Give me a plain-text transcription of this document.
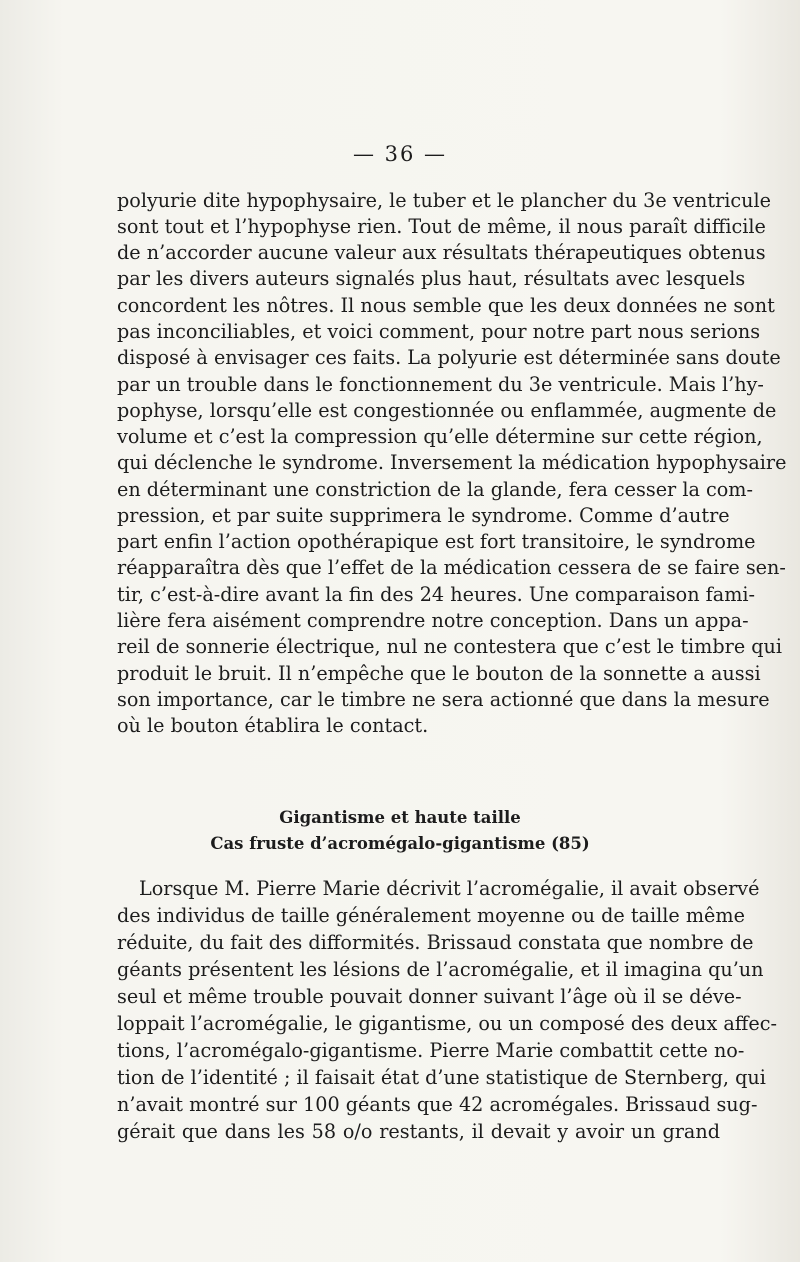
— 36 —
polyurie dite hypophysaire, le tuber et le plancher du 3e ventricule
sont tout et l’hypophyse rien. Tout de même, il nous paraît difficile
de n’accorder aucune valeur aux résultats thérapeutiques obtenus
par les divers auteurs signalés plus haut, résultats avec lesquels
concordent les nôtres. Il nous semble que les deux données ne sont
pas inconciliables, et voici comment, pour notre part nous serions
disposé à envisager ces faits. La polyurie est déterminée sans doute
par un trouble dans le fonctionnement du 3e ventricule. Mais l’hy-
pophyse, lorsqu’elle est congestionnée ou enflammée, augmente de
volume et c’est la compression qu’elle détermine sur cette région,
qui déclenche le syndrome. Inversement la médication hypophysaire
en déterminant une constriction de la glande, fera cesser la com-
pression, et par suite supprimera le syndrome. Comme d’autre
part enfin l’action opothérapique est fort transitoire, le syndrome
réapparaîtra dès que l’effet de la médication cessera de se faire sen-
tir, c’est-à-dire avant la fin des 24 heures. Une comparaison fami-
lière fera aisément comprendre notre conception. Dans un appa-
reil de sonnerie électrique, nul ne contestera que c’est le timbre qui
produit le bruit. Il n’empêche que le bouton de la sonnette a aussi
son importance, car le timbre ne sera actionné que dans la mesure
où le bouton établira le contact.
Gigantisme et haute taille
Cas fruste d’acromégalo-gigantisme (85)
Lorsque M. Pierre Marie décrivit l’acromégalie, il avait observé
des individus de taille généralement moyenne ou de taille même
réduite, du fait des difformités. Brissaud constata que nombre de
géants présentent les lésions de l’acromégalie, et il imagina qu’un
seul et même trouble pouvait donner suivant l’âge où il se déve-
loppait l’acromégalie, le gigantisme, ou un composé des deux affec-
tions, l’acromégalo-gigantisme. Pierre Marie combattit cette no-
tion de l’identité ; il faisait état d’une statistique de Sternberg, qui
n’avait montré sur 100 géants que 42 acromégales. Brissaud sug-
gérait que dans les 58 o/o restants, il devait y avoir un grand
